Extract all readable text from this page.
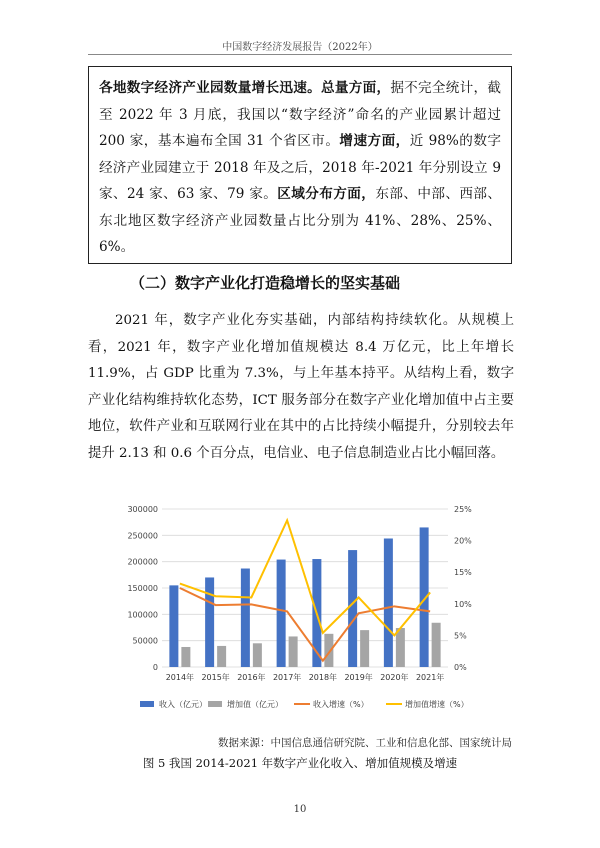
中国数字经济发展报告（2022年）
各地数字经济产业园数量增长迅速。总量方面，据不完全统计，截至 2022 年 3 月底，我国以“数字经济”命名的产业园累计超过 200 家，基本遍布全国 31 个省区市。增速方面，近 98%的数字经济产业园建立于 2018 年及之后，2018 年-2021 年分别设立 9 家、24 家、63 家、79 家。区域分布方面，东部、中部、西部、东北地区数字经济产业园数量占比分别为 41%、28%、25%、6%。
（二）数字产业化打造稳增长的坚实基础
2021 年，数字产业化夯实基础，内部结构持续软化。从规模上看，2021 年，数字产业化增加值规模达 8.4 万亿元，比上年增长 11.9%，占 GDP 比重为 7.3%，与上年基本持平。从结构上看，数字产业化结构维持软化态势，ICT 服务部分在数字产业化增加值中占主要地位，软件产业和互联网行业在其中的占比持续小幅提升，分别较去年提升 2.13 和 0.6 个百分点，电信业、电子信息制造业占比小幅回落。
0
50000
100000
150000
200000
250000
300000
0%
5%
10%
15%
20%
25%
2014年 2015年 2016年 2017年 2018年 2019年 2020年 2021年
收入（亿元）	增加值（亿元）	收入增速（%）	增加值增速（%）
数据来源：中国信息通信研究院、工业和信息化部、国家统计局
图 5 我国 2014-2021 年数字产业化收入、增加值规模及增速
10
